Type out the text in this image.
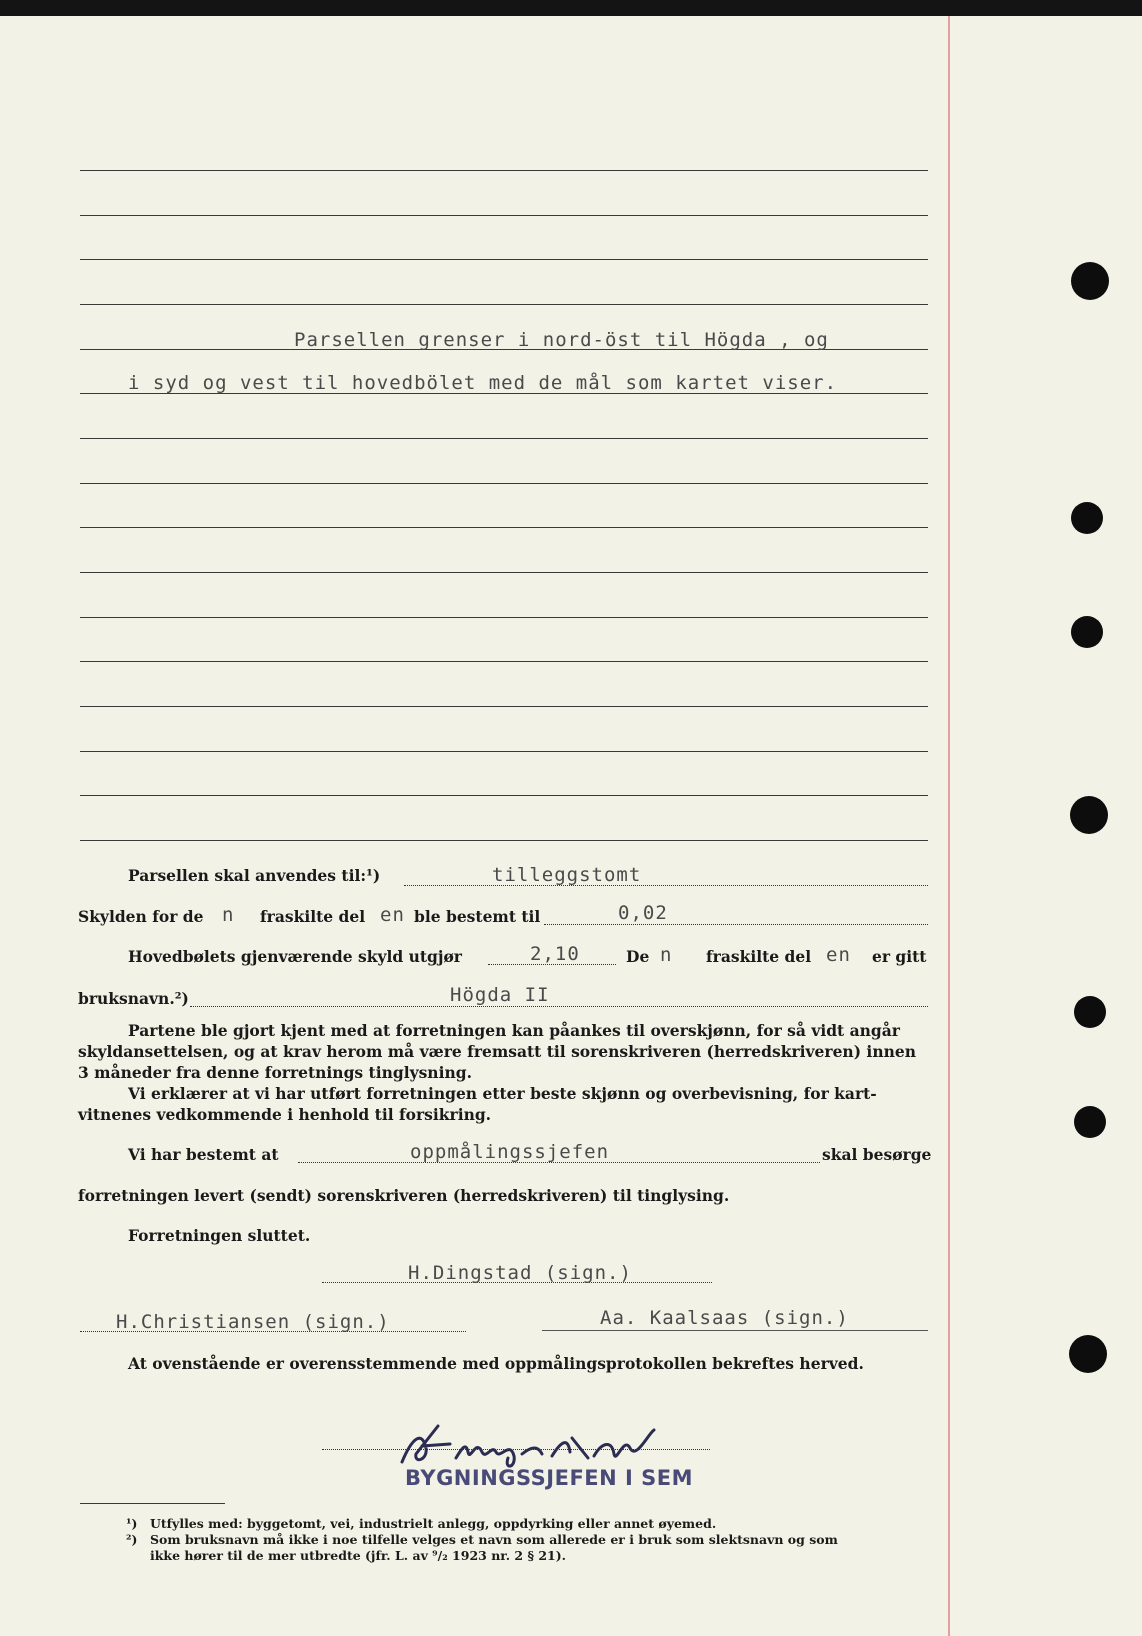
Parsellen grenser i nord-öst til Högda , og
i syd og vest til hovedbölet med de mål som kartet viser.
Parsellen skal anvendes til:¹)	tilleggstomt
Skylden for de n fraskilte del en ble bestemt til	0,02
Hovedbølets gjenværende skyld utgjør	2,10	De n fraskilte del en er gitt
bruksnavn.²)	Högda II
Partene ble gjort kjent med at forretningen kan påankes til overskjønn, for så vidt angår
skyldansettelsen, og at krav herom må være fremsatt til sorenskriveren (herredskriveren) innen
3 måneder fra denne forretnings tinglysning.
Vi erklærer at vi har utført forretningen etter beste skjønn og overbevisning, for kart-
vitnenes vedkommende i henhold til forsikring.
Vi har bestemt at	oppmålingssjefen	skal besørge
forretningen levert (sendt) sorenskriveren (herredskriveren) til tinglysing.
Forretningen sluttet.
H.Dingstad (sign.)
H.Christiansen (sign.)	Aa. Kaalsaas (sign.)
At ovenstående er overensstemmende med oppmålingsprotokollen bekreftes herved.
BYGNINGSSJEFEN I SEM
¹) Utfylles med: byggetomt, vei, industrielt anlegg, oppdyrking eller annet øyemed.
²) Som bruksnavn må ikke i noe tilfelle velges et navn som allerede er i bruk som slektsnavn og som
ikke hører til de mer utbredte (jfr. L. av ⁹/₂ 1923 nr. 2 § 21).
